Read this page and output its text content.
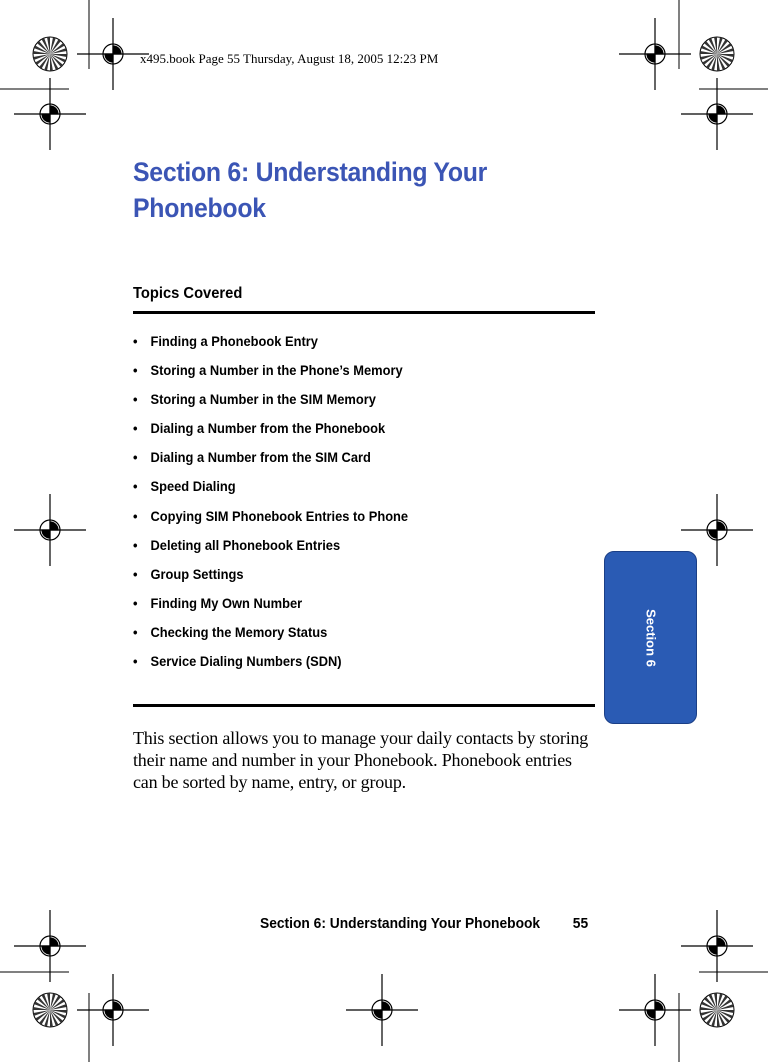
x495.book Page 55 Thursday, August 18, 2005 12:23 PM
Section 6: Understanding Your Phonebook
Topics Covered
• Finding a Phonebook Entry
• Storing a Number in the Phone’s Memory
• Storing a Number in the SIM Memory
• Dialing a Number from the Phonebook
• Dialing a Number from the SIM Card
• Speed Dialing
• Copying SIM Phonebook Entries to Phone
• Deleting all Phonebook Entries
• Group Settings
• Finding My Own Number
• Checking the Memory Status
• Service Dialing Numbers (SDN)
This section allows you to manage your daily contacts by storing their name and number in your Phonebook. Phonebook entries can be sorted by name, entry, or group.
Section 6
Section 6: Understanding Your Phonebook 55
